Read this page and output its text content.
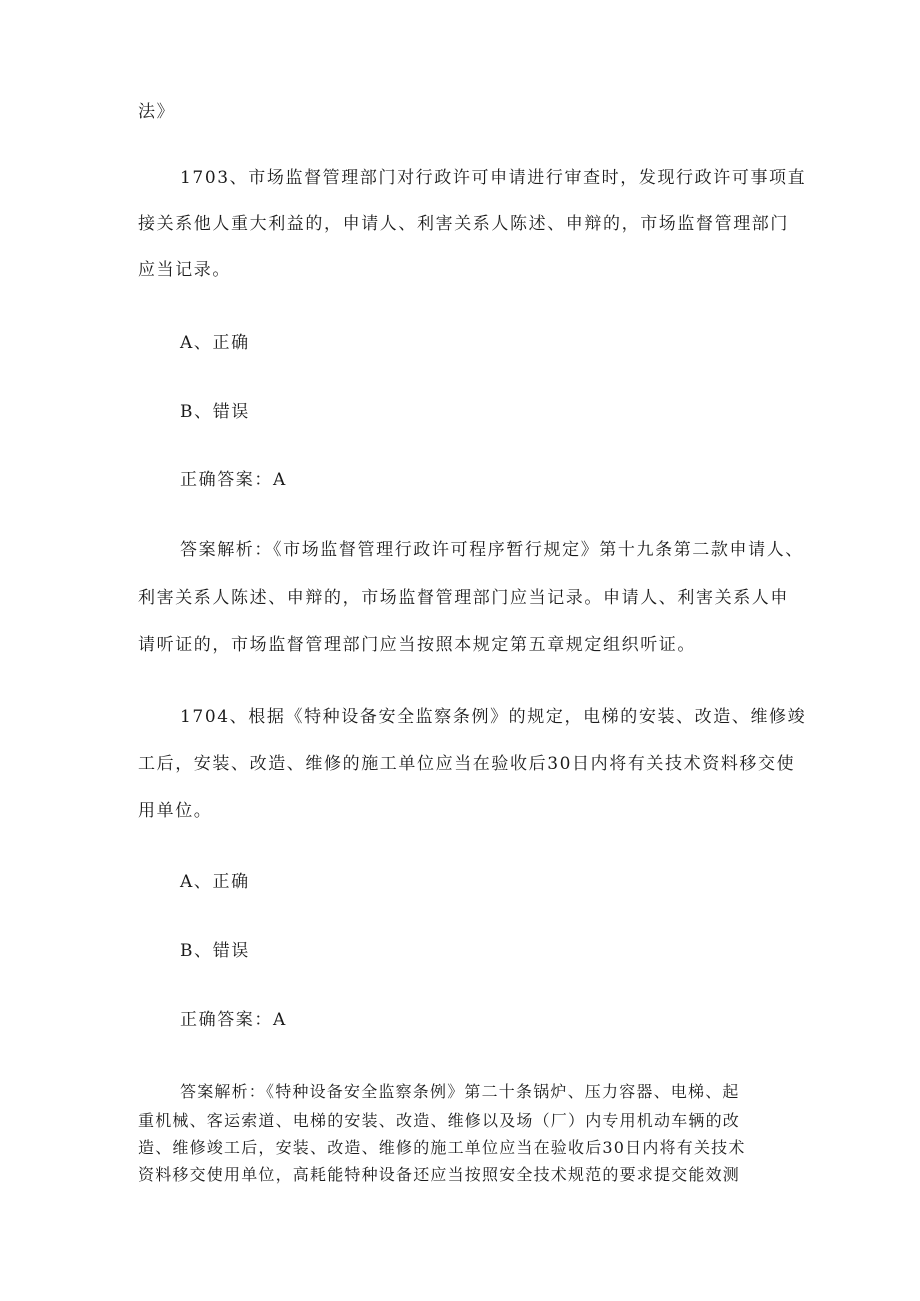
法》
1703、市场监督管理部门对行政许可申请进行审查时，发现行政许可事项直
接关系他人重大利益的，申请人、利害关系人陈述、申辩的，市场监督管理部门
应当记录。
A、正确
B、错误
正确答案：A
答案解析：《市场监督管理行政许可程序暂行规定》第十九条第二款申请人、
利害关系人陈述、申辩的，市场监督管理部门应当记录。申请人、利害关系人申
请听证的，市场监督管理部门应当按照本规定第五章规定组织听证。
1704、根据《特种设备安全监察条例》的规定，电梯的安装、改造、维修竣
工后，安装、改造、维修的施工单位应当在验收后30日内将有关技术资料移交使
用单位。
A、正确
B、错误
正确答案：A
答案解析：《特种设备安全监察条例》第二十条锅炉、压力容器、电梯、起
重机械、客运索道、电梯的安装、改造、维修以及场（厂）内专用机动车辆的改
造、维修竣工后，安装、改造、维修的施工单位应当在验收后30日内将有关技术
资料移交使用单位，高耗能特种设备还应当按照安全技术规范的要求提交能效测
